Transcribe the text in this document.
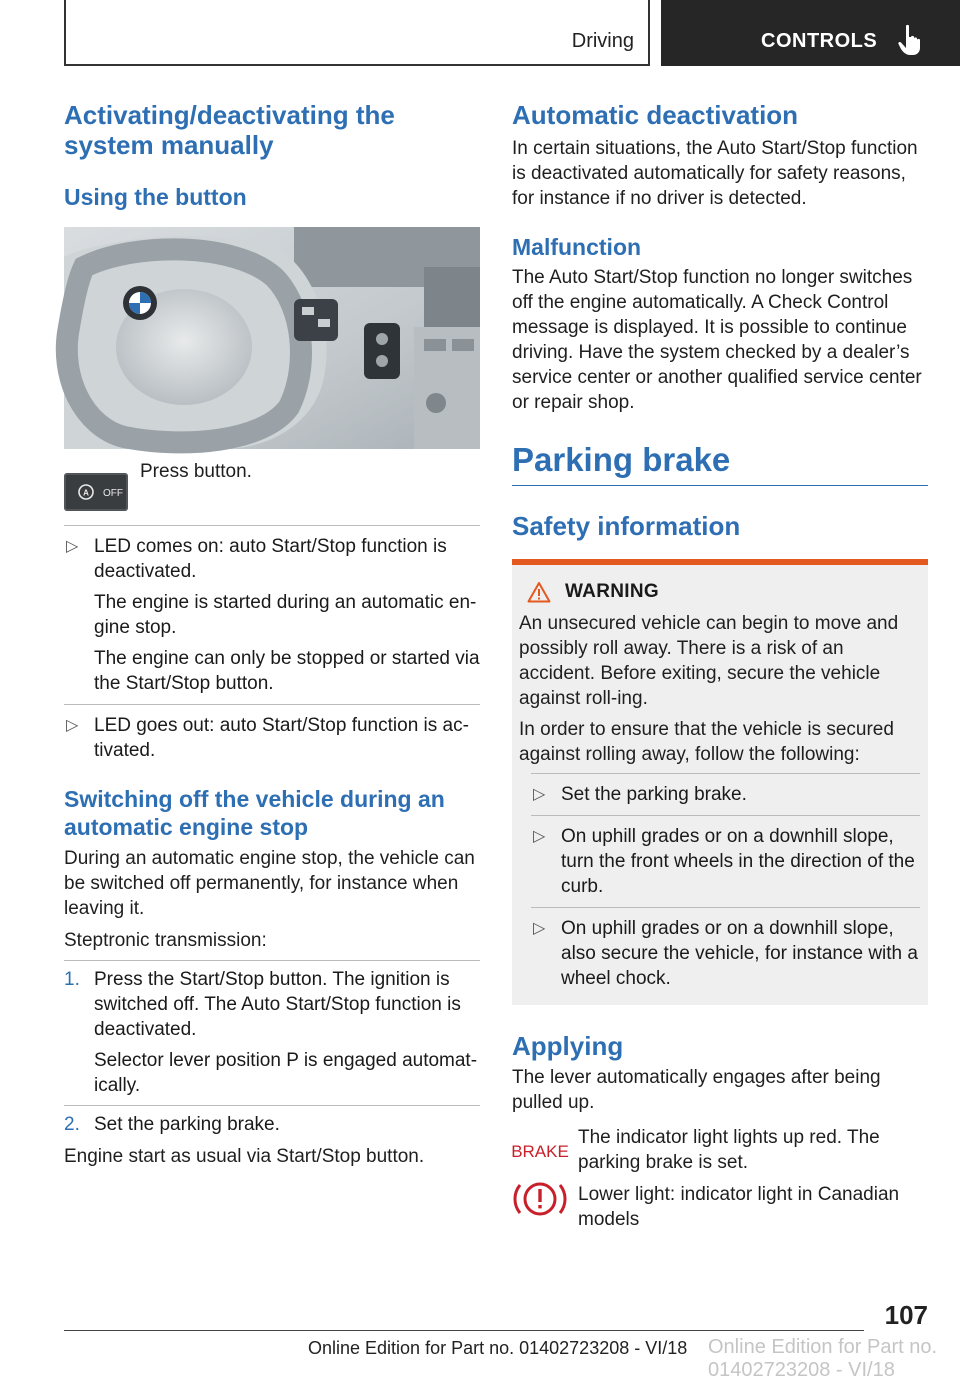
Driving	CONTROLS
Activating/deactivating the system manually
Using the button
A OFF

Press button.

▷ LED comes on: auto Start/Stop function is deactivated.

The engine is started during an automatic en‐gine stop.

The engine can only be stopped or started via the Start/Stop button.

▷ LED goes out: auto Start/Stop function is ac‐tivated.

Switching off the vehicle during an automatic engine stop

During an automatic engine stop, the vehicle can be switched off permanently, for instance when leaving it.

Steptronic transmission:

1. Press the Start/Stop button. The ignition is switched off. The Auto Start/Stop function is deactivated.

Selector lever position P is engaged automat‐ically.

2. Set the parking brake.

Engine start as usual via Start/Stop button.

Automatic deactivation

In certain situations, the Auto Start/Stop function is deactivated automatically for safety reasons, for instance if no driver is detected.

Malfunction

The Auto Start/Stop function no longer switches off the engine automatically. A Check Control message is displayed. It is possible to continue driving. Have the system checked by a dealer’s service center or another qualified service center or repair shop.

Parking brake
Safety information
WARNING

An unsecured vehicle can begin to move and possibly roll away. There is a risk of an accident. Before exiting, secure the vehicle against roll‐ing.

In order to ensure that the vehicle is secured against rolling away, follow the following:

▷ Set the parking brake.

▷ On uphill grades or on a downhill slope, turn the front wheels in the direction of the curb.

▷ On uphill grades or on a downhill slope, also secure the vehicle, for instance with a wheel chock.

Applying

The lever automatically engages after being pulled up.

BRAKE

The indicator light lights up red. The parking brake is set.

Lower light: indicator light in Canadian models

107
Online Edition for Part no. 01402723208 - VI/18 Online Edition for Part no. 01402723208 - VI/18
